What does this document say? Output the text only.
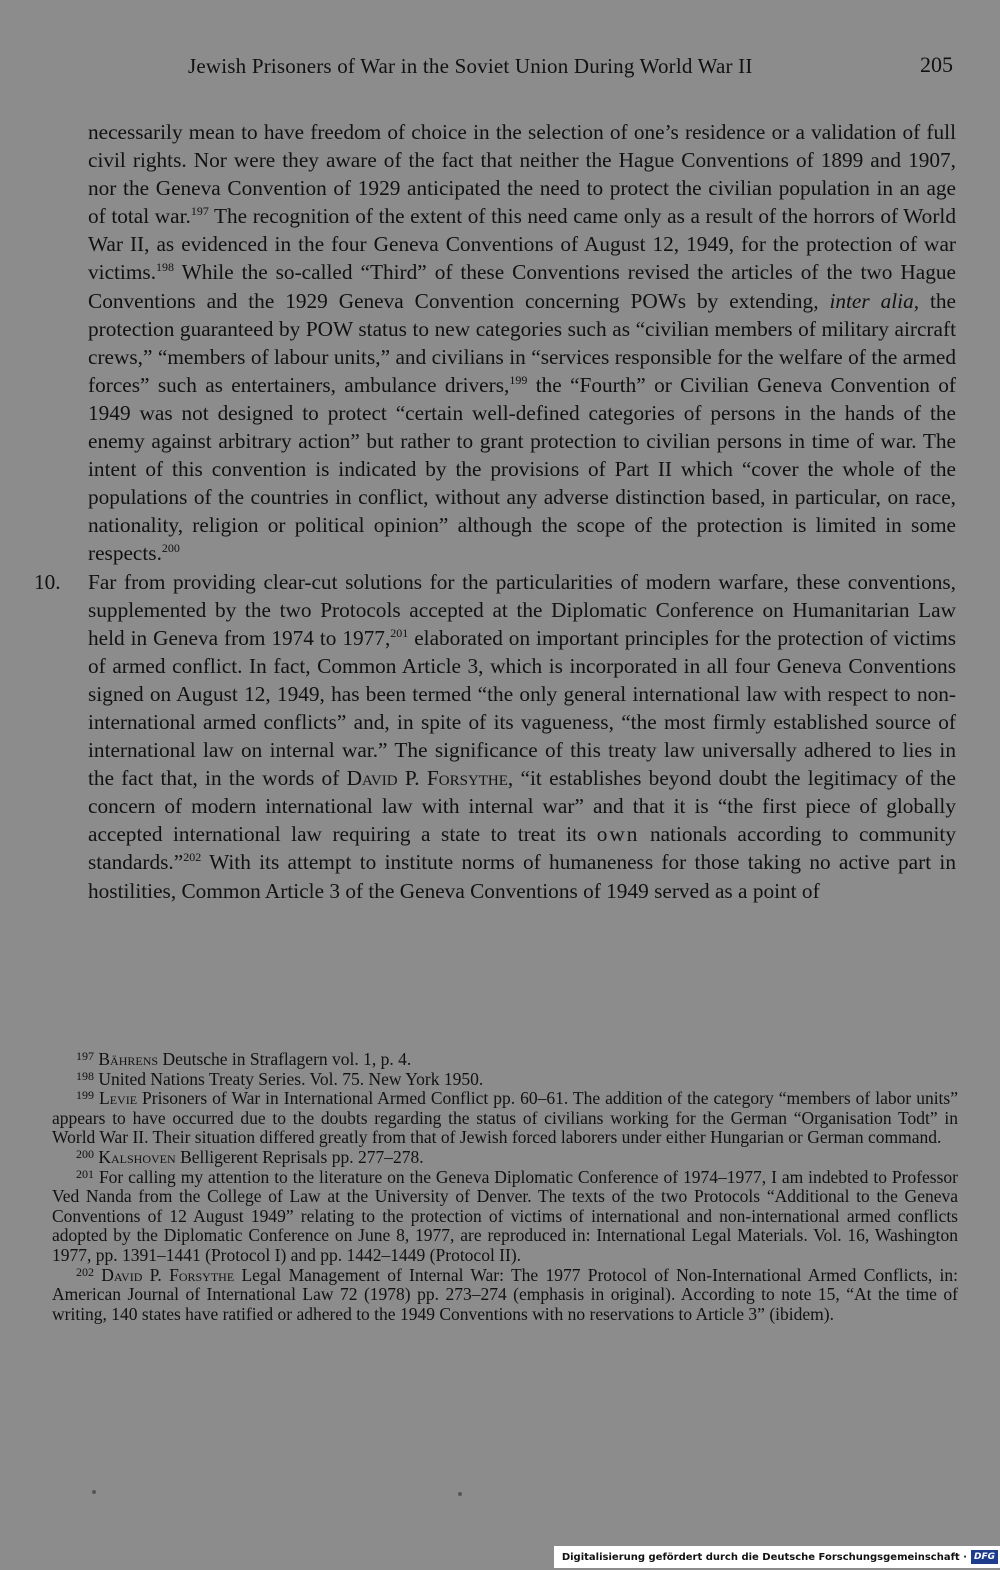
Jewish Prisoners of War in the Soviet Union During World War II	205

necessarily mean to have freedom of choice in the selection of one’s residence or a validation of full civil rights. Nor were they aware of the fact that neither the Hague Conventions of 1899 and 1907, nor the Geneva Convention of 1929 anticipated the need to protect the civilian population in an age of total war.$^{197}$ The recognition of the extent of this need came only as a result of the horrors of World War II, as evidenced in the four Geneva Conventions of August 12, 1949, for the protection of war victims.$^{198}$ While the so-called “Third” of these Conventions revised the articles of the two Hague Conventions and the 1929 Geneva Convention concerning POWs by extending, inter alia, the protection guaranteed by POW status to new categories such as “civilian members of military aircraft crews,” “members of labour units,” and civilians in “services responsible for the welfare of the armed forces” such as entertainers, ambulance drivers,$^{199}$ the “Fourth” or Civilian Geneva Convention of 1949 was not designed to protect “certain well-defined categories of persons in the hands of the enemy against arbitrary action” but rather to grant protection to civilian persons in time of war. The intent of this convention is indicated by the provisions of Part II which “cover the whole of the populations of the countries in conflict, without any adverse distinction based, in particular, on race, nationality, religion or political opinion” although the scope of the protection is limited in some respects.$^{200}$

10. Far from providing clear-cut solutions for the particularities of modern warfare, these conventions, supplemented by the two Protocols accepted at the Diplomatic Conference on Humanitarian Law held in Geneva from 1974 to 1977,$^{201}$ elaborated on important principles for the protection of victims of armed conflict. In fact, Common Article 3, which is incorporated in all four Geneva Conventions signed on August 12, 1949, has been termed “the only general international law with respect to non-international armed conflicts” and, in spite of its vagueness, “the most firmly established source of international law on internal war.” The significance of this treaty law universally adhered to lies in the fact that, in the words of David P. Forsythe, “it establishes beyond doubt the legitimacy of the concern of modern international law with internal war” and that it is “the first piece of globally accepted international law requiring a state to treat its own nationals according to community standards.”$^{202}$ With its attempt to institute norms of humaneness for those taking no active part in hostilities, Common Article 3 of the Geneva Conventions of 1949 served as a point of

$^{197}$ Bährens Deutsche in Straflagern vol. 1, p. 4.

$^{198}$ United Nations Treaty Series. Vol. 75. New York 1950.

$^{199}$ Levie Prisoners of War in International Armed Conflict pp. 60–61. The addition of the category “members of labor units” appears to have occurred due to the doubts regarding the status of civilians working for the German “Organisation Todt” in World War II. Their situation differed greatly from that of Jewish forced laborers under either Hungarian or German command.

$^{200}$ Kalshoven Belligerent Reprisals pp. 277–278.

$^{201}$ For calling my attention to the literature on the Geneva Diplomatic Conference of 1974–1977, I am indebted to Professor Ved Nanda from the College of Law at the University of Denver. The texts of the two Protocols “Additional to the Geneva Conventions of 12 August 1949” relating to the protection of victims of international and non-international armed conflicts adopted by the Diplomatic Conference on June 8, 1977, are reproduced in: International Legal Materials. Vol. 16, Washington 1977, pp. 1391–1441 (Protocol I) and pp. 1442–1449 (Protocol II).

$^{202}$ David P. Forsythe Legal Management of Internal War: The 1977 Protocol of Non-International Armed Conflicts, in: American Journal of International Law 72 (1978) pp. 273–274 (emphasis in original). According to note 15, “At the time of writing, 140 states have ratified or adhered to the 1949 Conventions with no reservations to Article 3” (ibidem).

Digitalisierung gefördert durch die Deutsche Forschungsgemeinschaft · DFG
